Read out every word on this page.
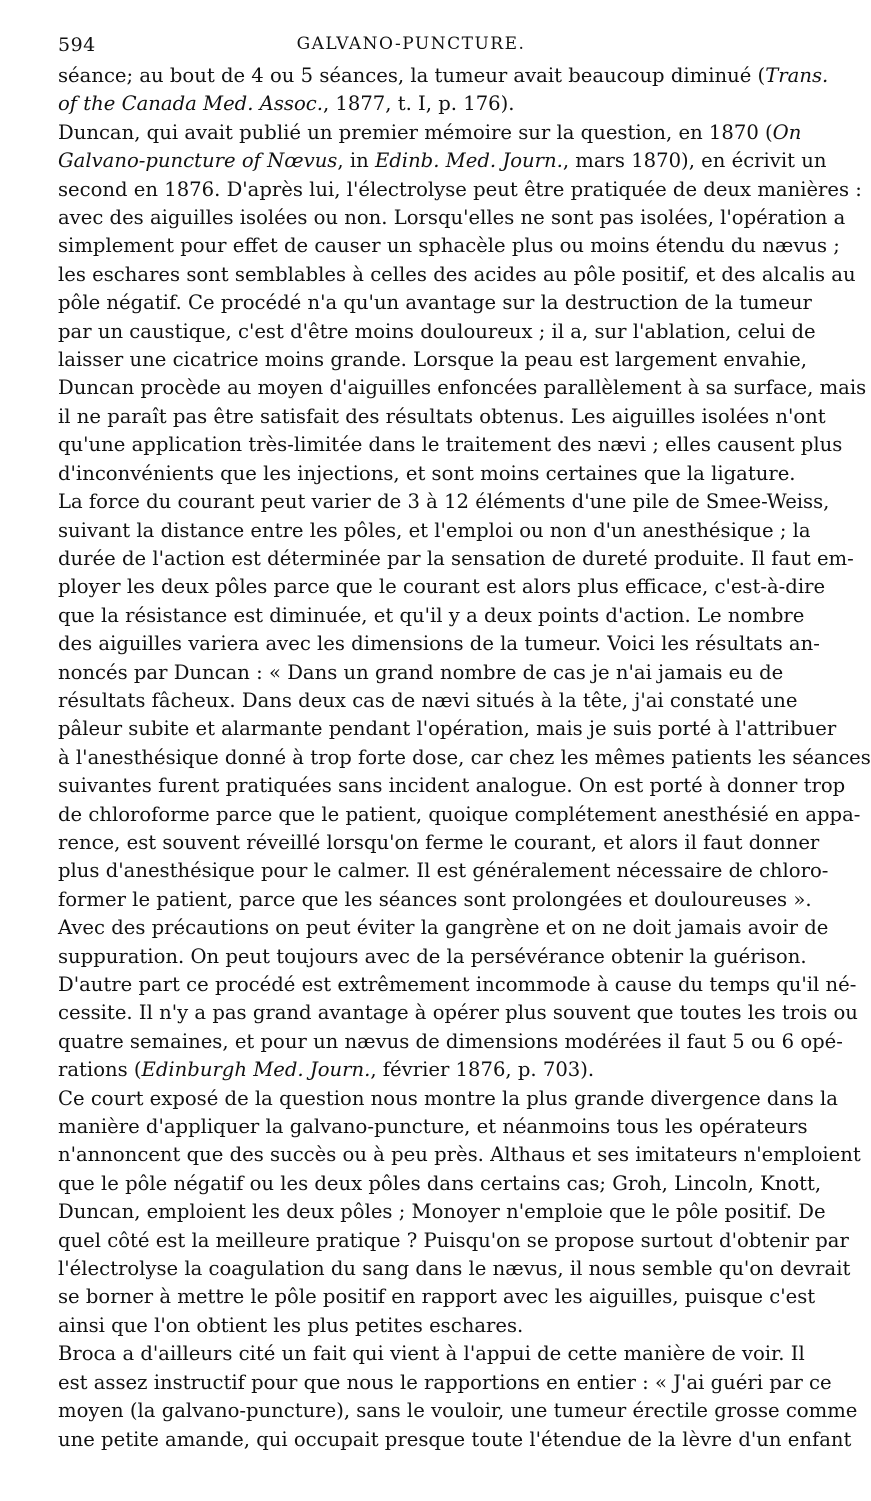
594	GALVANO-PUNCTURE.
séance; au bout de 4 ou 5 séances, la tumeur avait beaucoup diminué (Trans.
of the Canada Med. Assoc., 1877, t. I, p. 176).
Duncan, qui avait publié un premier mémoire sur la question, en 1870 (On
Galvano-puncture of Nœvus, in Edinb. Med. Journ., mars 1870), en écrivit un
second en 1876. D'après lui, l'électrolyse peut être pratiquée de deux manières :
avec des aiguilles isolées ou non. Lorsqu'elles ne sont pas isolées, l'opération a
simplement pour effet de causer un sphacèle plus ou moins étendu du nævus ;
les eschares sont semblables à celles des acides au pôle positif, et des alcalis au
pôle négatif. Ce procédé n'a qu'un avantage sur la destruction de la tumeur
par un caustique, c'est d'être moins douloureux ; il a, sur l'ablation, celui de
laisser une cicatrice moins grande. Lorsque la peau est largement envahie,
Duncan procède au moyen d'aiguilles enfoncées parallèlement à sa surface, mais
il ne paraît pas être satisfait des résultats obtenus. Les aiguilles isolées n'ont
qu'une application très-limitée dans le traitement des nævi ; elles causent plus
d'inconvénients que les injections, et sont moins certaines que la ligature.
La force du courant peut varier de 3 à 12 éléments d'une pile de Smee-Weiss,
suivant la distance entre les pôles, et l'emploi ou non d'un anesthésique ; la
durée de l'action est déterminée par la sensation de dureté produite. Il faut em-
ployer les deux pôles parce que le courant est alors plus efficace, c'est-à-dire
que la résistance est diminuée, et qu'il y a deux points d'action. Le nombre
des aiguilles variera avec les dimensions de la tumeur. Voici les résultats an-
noncés par Duncan : « Dans un grand nombre de cas je n'ai jamais eu de
résultats fâcheux. Dans deux cas de nævi situés à la tête, j'ai constaté une
pâleur subite et alarmante pendant l'opération, mais je suis porté à l'attribuer
à l'anesthésique donné à trop forte dose, car chez les mêmes patients les séances
suivantes furent pratiquées sans incident analogue. On est porté à donner trop
de chloroforme parce que le patient, quoique complétement anesthésié en appa-
rence, est souvent réveillé lorsqu'on ferme le courant, et alors il faut donner
plus d'anesthésique pour le calmer. Il est généralement nécessaire de chloro-
former le patient, parce que les séances sont prolongées et douloureuses ».
Avec des précautions on peut éviter la gangrène et on ne doit jamais avoir de
suppuration. On peut toujours avec de la persévérance obtenir la guérison.
D'autre part ce procédé est extrêmement incommode à cause du temps qu'il né-
cessite. Il n'y a pas grand avantage à opérer plus souvent que toutes les trois ou
quatre semaines, et pour un nævus de dimensions modérées il faut 5 ou 6 opé-
rations (Edinburgh Med. Journ., février 1876, p. 703).
Ce court exposé de la question nous montre la plus grande divergence dans la
manière d'appliquer la galvano-puncture, et néanmoins tous les opérateurs
n'annoncent que des succès ou à peu près. Althaus et ses imitateurs n'emploient
que le pôle négatif ou les deux pôles dans certains cas; Groh, Lincoln, Knott,
Duncan, emploient les deux pôles ; Monoyer n'emploie que le pôle positif. De
quel côté est la meilleure pratique ? Puisqu'on se propose surtout d'obtenir par
l'électrolyse la coagulation du sang dans le nævus, il nous semble qu'on devrait
se borner à mettre le pôle positif en rapport avec les aiguilles, puisque c'est
ainsi que l'on obtient les plus petites eschares.
Broca a d'ailleurs cité un fait qui vient à l'appui de cette manière de voir. Il
est assez instructif pour que nous le rapportions en entier : « J'ai guéri par ce
moyen (la galvano-puncture), sans le vouloir, une tumeur érectile grosse comme
une petite amande, qui occupait presque toute l'étendue de la lèvre d'un enfant
